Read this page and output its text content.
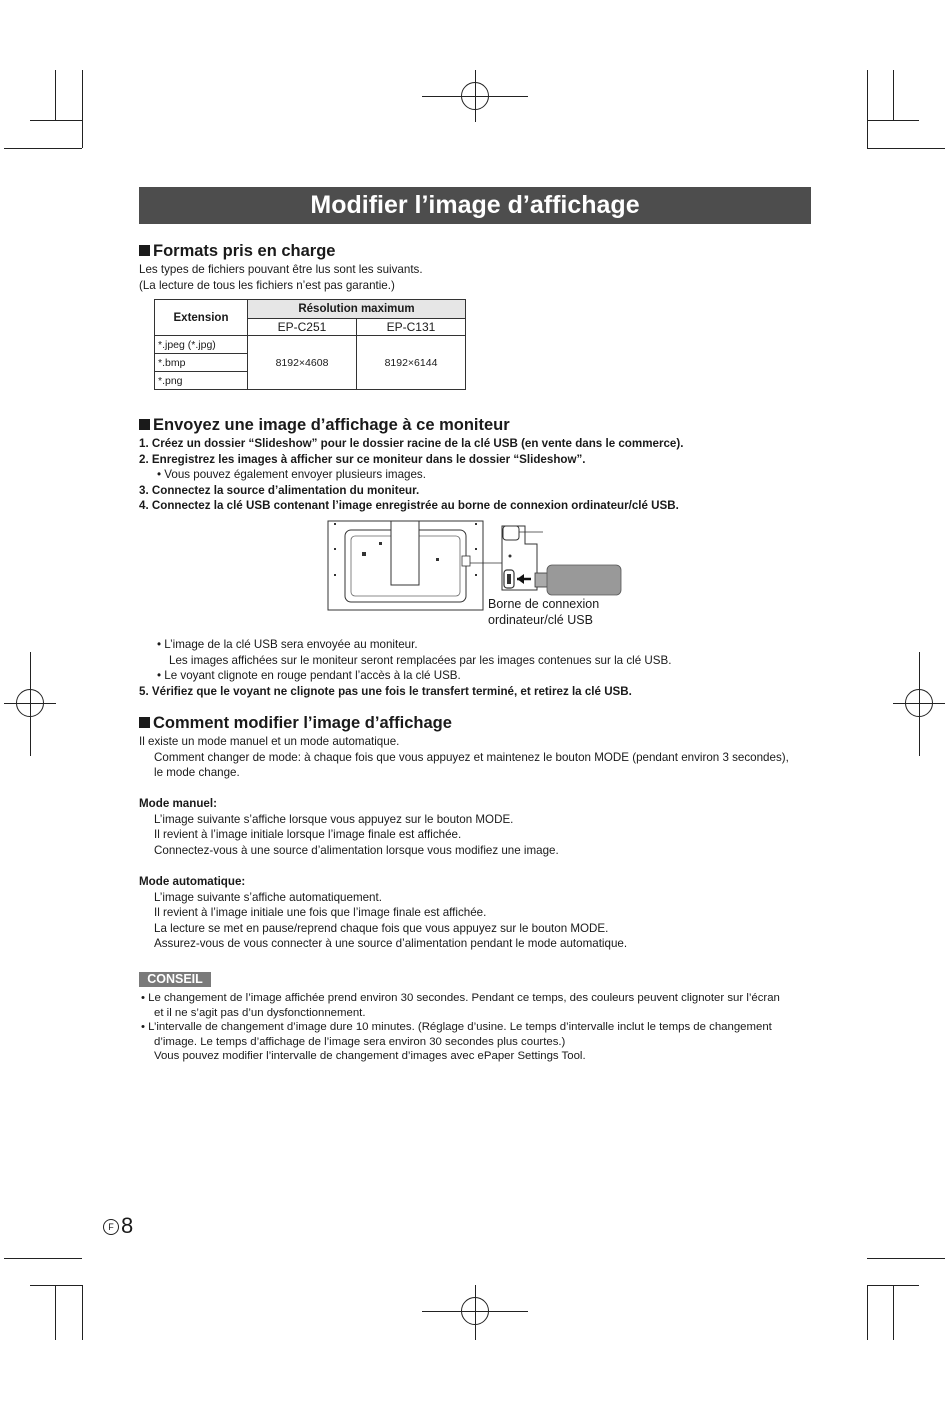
Modifier l’image d’affichage
Formats pris en charge
Les types de fichiers pouvant être lus sont les suivants.
(La lecture de tous les fichiers n’est pas garantie.)
Extension	Résolution maximum	
	EP-C251	EP-C131
*.jpeg (*.jpg)	8192×4608	8192×6144
*.bmp		
*.png		
Envoyez une image d’affichage à ce moniteur
1. Créez un dossier “Slideshow” pour le dossier racine de la clé USB (en vente dans le commerce).
2. Enregistrez les images à afficher sur ce moniteur dans le dossier “Slideshow”.
• Vous pouvez également envoyer plusieurs images.
3. Connectez la source d’alimentation du moniteur.
4. Connectez la clé USB contenant l’image enregistrée au borne de connexion ordinateur/clé USB.
Borne de connexion
ordinateur/clé USB
• L’image de la clé USB sera envoyée au moniteur.
Les images affichées sur le moniteur seront remplacées par les images contenues sur la clé USB.
• Le voyant clignote en rouge pendant l’accès à la clé USB.
5. Vérifiez que le voyant ne clignote pas une fois le transfert terminé, et retirez la clé USB.
Comment modifier l’image d’affichage
Il existe un mode manuel et un mode automatique.
Comment changer de mode: à chaque fois que vous appuyez et maintenez le bouton MODE (pendant environ 3 secondes),
le mode change.
Mode manuel:
L’image suivante s’affiche lorsque vous appuyez sur le bouton MODE.
Il revient à l’image initiale lorsque l’image finale est affichée.
Connectez-vous à une source d’alimentation lorsque vous modifiez une image.
Mode automatique:
L’image suivante s’affiche automatiquement.
Il revient à l’image initiale une fois que l’image finale est affichée.
La lecture se met en pause/reprend chaque fois que vous appuyez sur le bouton MODE.
Assurez-vous de vous connecter à une source d’alimentation pendant le mode automatique.
CONSEIL
• Le changement de l’image affichée prend environ 30 secondes. Pendant ce temps, des couleurs peuvent clignoter sur l’écran
et il ne s’agit pas d’un dysfonctionnement.
• L’intervalle de changement d’image dure 10 minutes. (Réglage d’usine. Le temps d’intervalle inclut le temps de changement
d’image. Le temps d’affichage de l’image sera environ 30 secondes plus courtes.)
Vous pouvez modifier l’intervalle de changement d’images avec ePaper Settings Tool.
F 8
